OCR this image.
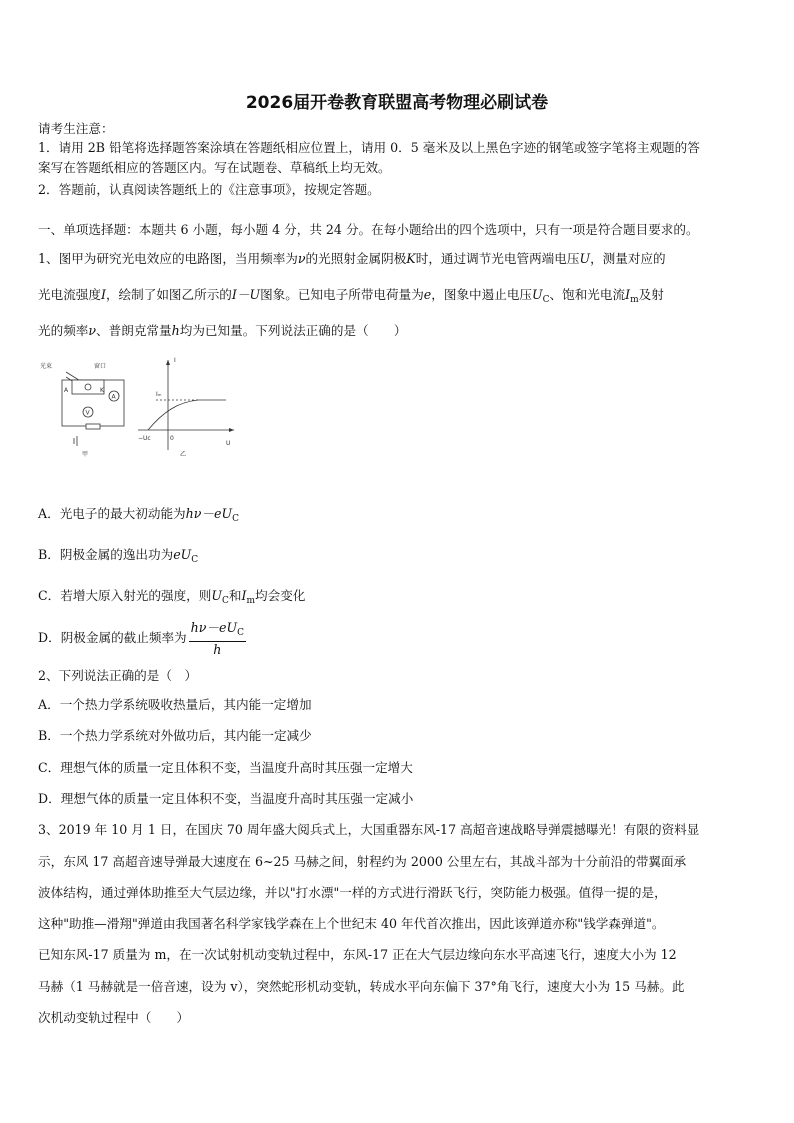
2026届开卷教育联盟高考物理必刷试卷
请考生注意：
1．请用 2B 铅笔将选择题答案涂填在答题纸相应位置上，请用 0．5 毫米及以上黑色字迹的钢笔或签字笔将主观题的答
案写在答题纸相应的答题区内。写在试题卷、草稿纸上均无效。
2．答题前，认真阅读答题纸上的《注意事项》，按规定答题。
一、单项选择题：本题共 6 小题，每小题 4 分，共 24 分。在每小题给出的四个选项中，只有一项是符合题目要求的。
1、图甲为研究光电效应的电路图，当用频率为ν的光照射金属阴极K时，通过调节光电管两端电压U，测量对应的
光电流强度I，绘制了如图乙所示的I－U图象。已知电子所带电荷量为e，图象中遏止电压$U_C$、饱和光电流$I_m$及射
光的频率ν、普朗克常量h均为已知量。下列说法正确的是（　　）
光束	窗口
A	K
A
V
甲	乙
I
U
Iₘ
0
−Uc
A．光电子的最大初动能为$h\nu-eU_C$
B．阴极金属的逸出功为$eU_C$
C．若增大原入射光的强度，则$U_C$和$I_m$均会变化
D．阴极金属的截止频率为 $\frac{h\nu-eU_C}{h}$
2、下列说法正确的是（　）
A．一个热力学系统吸收热量后，其内能一定增加
B．一个热力学系统对外做功后，其内能一定减少
C．理想气体的质量一定且体积不变，当温度升高时其压强一定增大
D．理想气体的质量一定且体积不变，当温度升高时其压强一定减小
3、2019 年 10 月 1 日，在国庆 70 周年盛大阅兵式上，大国重器东风-17 高超音速战略导弹震撼曝光！有限的资料显
示，东风 17 高超音速导弹最大速度在 6~25 马赫之间，射程约为 2000 公里左右，其战斗部为十分前沿的带翼面承
波体结构，通过弹体助推至大气层边缘，并以"打水漂"一样的方式进行滑跃飞行，突防能力极强。值得一提的是，
这种"助推—滑翔"弹道由我国著名科学家钱学森在上个世纪末 40 年代首次推出，因此该弹道亦称"钱学森弹道"。
已知东风-17 质量为 m，在一次试射机动变轨过程中，东风-17 正在大气层边缘向东水平高速飞行，速度大小为 12
马赫（1 马赫就是一倍音速，设为 v），突然蛇形机动变轨，转成水平向东偏下 37°角飞行，速度大小为 15 马赫。此
次机动变轨过程中（　　）
